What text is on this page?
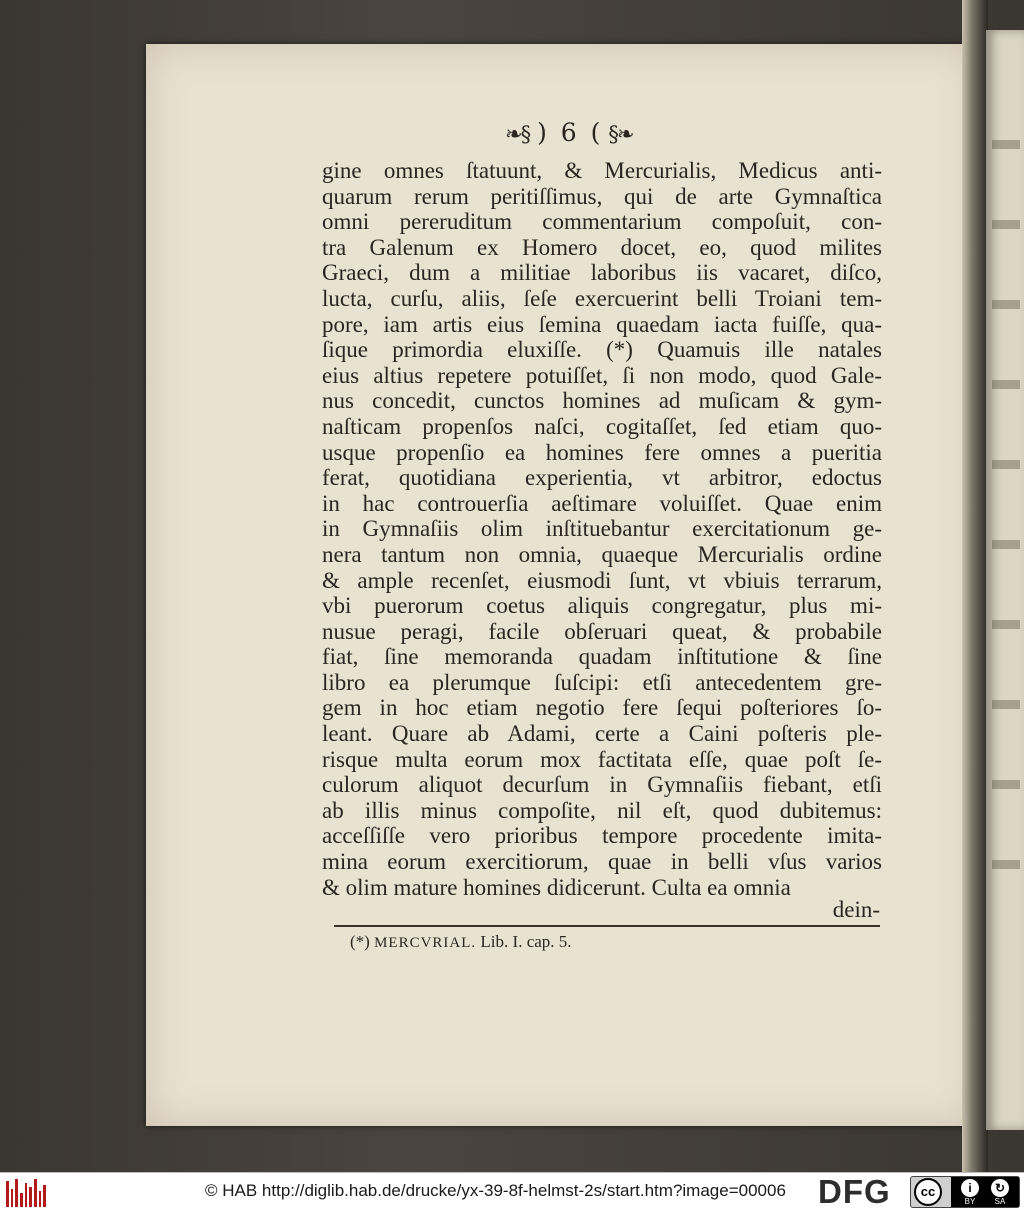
❧§ ) 6 ( §❧
gine omnes ſtatuunt, & Mercurialis, Medicus anti-
quarum rerum peritiſſimus, qui de arte Gymnaſtica
omni pereruditum commentarium compoſuit, con-
tra Galenum ex Homero docet, eo, quod milites
Graeci, dum a militiae laboribus iis vacaret, diſco,
lucta, curſu, aliis, ſeſe exercuerint belli Troiani tem-
pore, iam artis eius ſemina quaedam iacta fuiſſe, qua-
ſique primordia eluxiſſe. (*) Quamuis ille natales
eius altius repetere potuiſſet, ſi non modo, quod Gale-
nus concedit, cunctos homines ad muſicam & gym-
naſticam propenſos naſci, cogitaſſet, ſed etiam quo-
usque propenſio ea homines fere omnes a pueritia
ferat, quotidiana experientia, vt arbitror, edoctus
in hac controuerſia aeſtimare voluiſſet. Quae enim
in Gymnaſiis olim inſtituebantur exercitationum ge-
nera tantum non omnia, quaeque Mercurialis ordine
& ample recenſet, eiusmodi ſunt, vt vbiuis terrarum,
vbi puerorum coetus aliquis congregatur, plus mi-
nusue peragi, facile obſeruari queat, & probabile
fiat, ſine memoranda quadam inſtitutione & ſine
libro ea plerumque ſuſcipi: etſi antecedentem gre-
gem in hoc etiam negotio fere ſequi poſteriores ſo-
leant. Quare ab Adami, certe a Caini poſteris ple-
risque multa eorum mox factitata eſſe, quae poſt ſe-
culorum aliquot decurſum in Gymnaſiis fiebant, etſi
ab illis minus compoſite, nil eſt, quod dubitemus:
acceſſiſſe vero prioribus tempore procedente imita-
mina eorum exercitiorum, quae in belli vſus varios
& olim mature homines didicerunt. Culta ea omnia
dein-
(*) MERCVRIAL. Lib. I. cap. 5.
© HAB http://diglib.hab.de/drucke/yx-39-8f-helmst-2s/start.htm?image=00006 DFG	cc	i	↻
BY	SA
